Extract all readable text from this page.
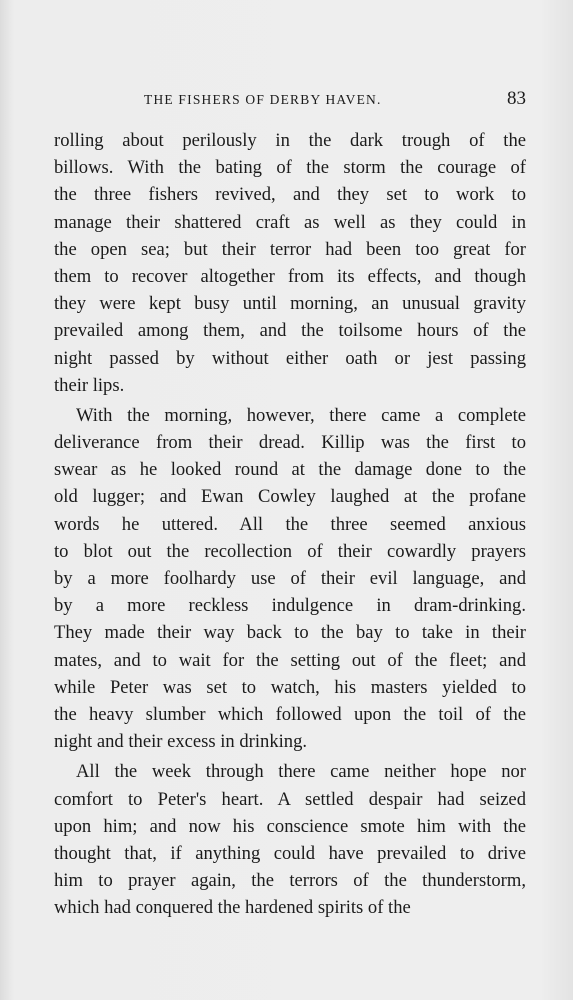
THE FISHERS OF DERBY HAVEN.	83
rolling about perilously in the dark trough of the
billows. With the bating of the storm the courage of
the three fishers revived, and they set to work to
manage their shattered craft as well as they could in
the open sea; but their terror had been too great for
them to recover altogether from its effects, and though
they were kept busy until morning, an unusual gravity
prevailed among them, and the toilsome hours of the
night passed by without either oath or jest passing
their lips.
With the morning, however, there came a complete
deliverance from their dread. Killip was the first to
swear as he looked round at the damage done to the
old lugger; and Ewan Cowley laughed at the profane
words he uttered. All the three seemed anxious
to blot out the recollection of their cowardly prayers
by a more foolhardy use of their evil language, and
by a more reckless indulgence in dram-drinking.
They made their way back to the bay to take in their
mates, and to wait for the setting out of the fleet; and
while Peter was set to watch, his masters yielded to
the heavy slumber which followed upon the toil of the
night and their excess in drinking.
All the week through there came neither hope nor
comfort to Peter's heart. A settled despair had seized
upon him; and now his conscience smote him with the
thought that, if anything could have prevailed to drive
him to prayer again, the terrors of the thunderstorm,
which had conquered the hardened spirits of the
